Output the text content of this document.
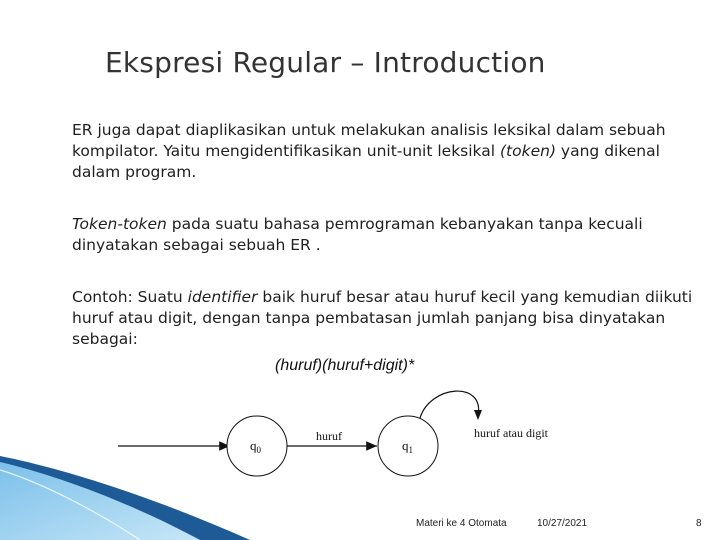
Ekspresi Regular – Introduction
ER juga dapat diaplikasikan untuk melakukan analisis leksikal dalam sebuah kompilator. Yaitu mengidentifikasikan unit-unit leksikal (token) yang dikenal dalam program.
Token-token pada suatu bahasa pemrograman kebanyakan tanpa kecuali dinyatakan sebagai sebuah ER .
Contoh: Suatu identifier baik huruf besar atau huruf kecil yang kemudian diikuti huruf atau digit, dengan tanpa pembatasan jumlah panjang bisa dinyatakan sebagai:
(huruf)(huruf+digit)*
$q_0$
huruf
$q_1$
huruf atau digit
Materi ke 4 Otomata	10/27/2021	8
